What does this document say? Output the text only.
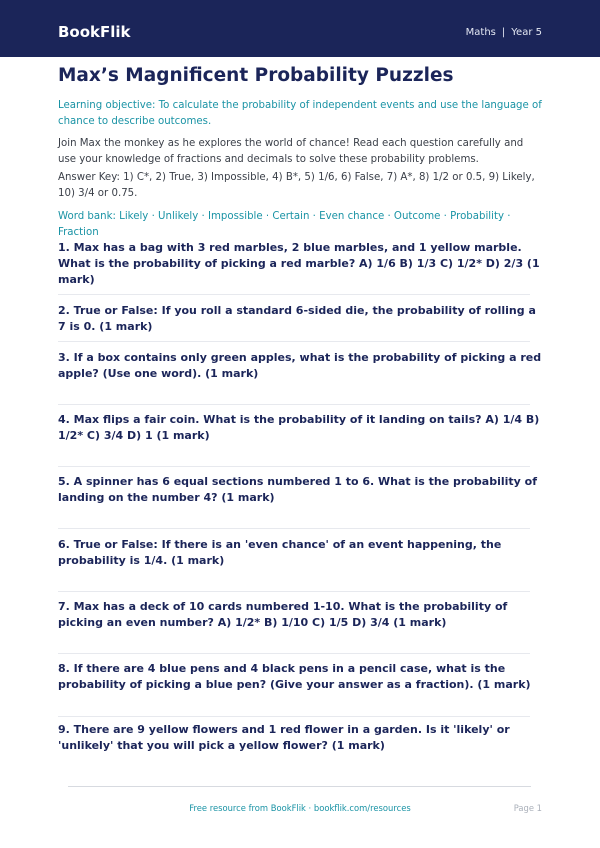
BookFlik	Maths | Year 5
Max’s Magnificent Probability Puzzles

Learning objective: To calculate the probability of independent events and use the language of chance to describe outcomes.

Join Max the monkey as he explores the world of chance! Read each question carefully and use your knowledge of fractions and decimals to solve these probability problems.

Answer Key: 1) C*, 2) True, 3) Impossible, 4) B*, 5) 1/6, 6) False, 7) A*, 8) 1/2 or 0.5, 9) Likely, 10) 3/4 or 0.75.

Word bank: Likely · Unlikely · Impossible · Certain · Even chance · Outcome · Probability · Fraction

1. Max has a bag with 3 red marbles, 2 blue marbles, and 1 yellow marble. What is the probability of picking a red marble? A) 1/6 B) 1/3 C) 1/2* D) 2/3 (1 mark)

2. True or False: If you roll a standard 6-sided die, the probability of rolling a 7 is 0. (1 mark)

3. If a box contains only green apples, what is the probability of picking a red apple? (Use one word). (1 mark)

4. Max flips a fair coin. What is the probability of it landing on tails? A) 1/4 B) 1/2* C) 3/4 D) 1 (1 mark)

5. A spinner has 6 equal sections numbered 1 to 6. What is the probability of landing on the number 4? (1 mark)

6. True or False: If there is an 'even chance' of an event happening, the probability is 1/4. (1 mark)

7. Max has a deck of 10 cards numbered 1-10. What is the probability of picking an even number? A) 1/2* B) 1/10 C) 1/5 D) 3/4 (1 mark)

8. If there are 4 blue pens and 4 black pens in a pencil case, what is the probability of picking a blue pen? (Give your answer as a fraction). (1 mark)

9. There are 9 yellow flowers and 1 red flower in a garden. Is it 'likely' or 'unlikely' that you will pick a yellow flower? (1 mark)

Free resource from BookFlik · bookflik.com/resources	Page 1
